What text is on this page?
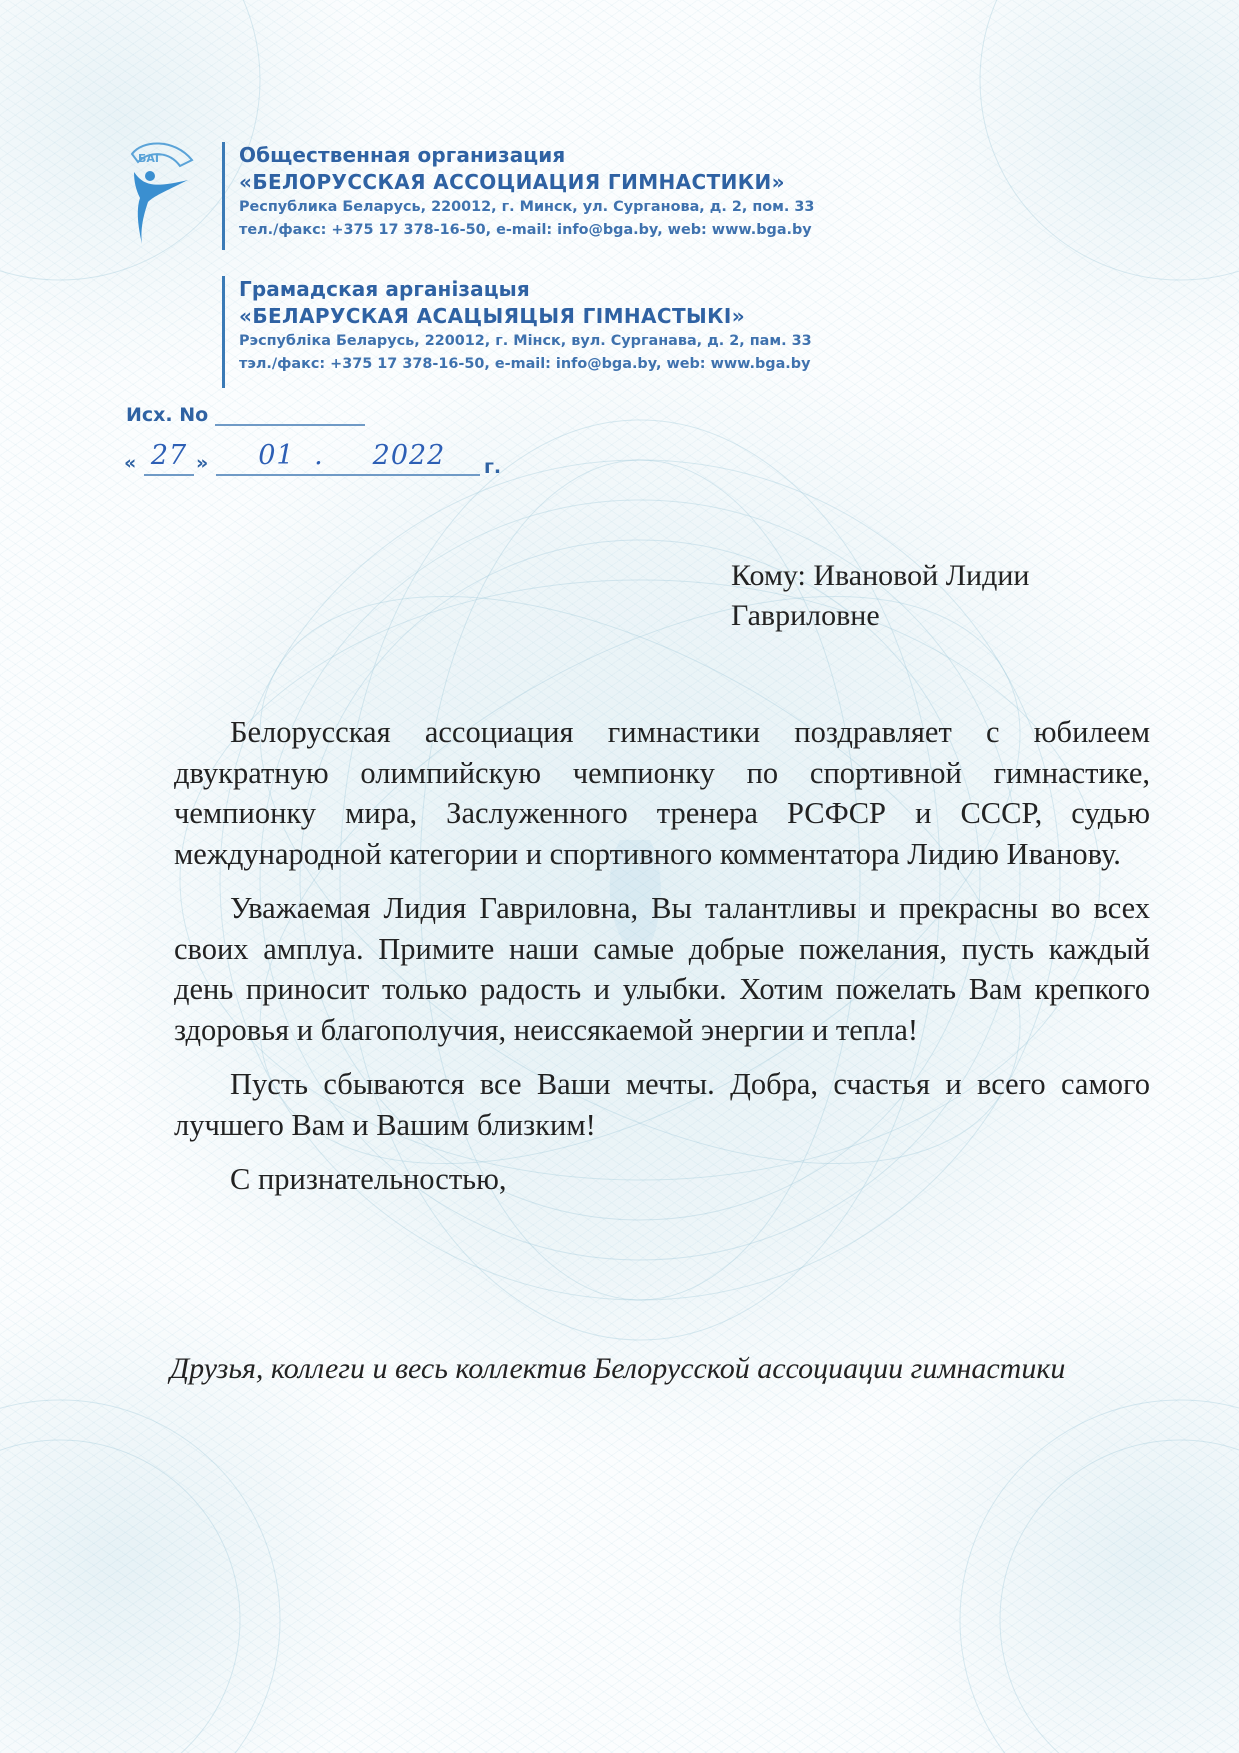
БАГ	Общественная организация
«БЕЛОРУССКАЯ АССОЦИАЦИЯ ГИМНАСТИКИ»
Республика Беларусь, 220012, г. Минск, ул. Сурганова, д. 2, пом. 33
тел./факс: +375 17 378-16-50, e-mail: info@bga.by, web: www.bga.by
Грамадская арганізацыя
«БЕЛАРУСКАЯ АСАЦЫЯЦЫЯ ГІМНАСТЫКІ»
Рэспубліка Беларусь, 220012, г. Мінск, вул. Сурганава, д. 2, пам. 33
тэл./факс: +375 17 378-16-50, e-mail: info@bga.by, web: www.bga.by
Исх. No
« 27 »	01 .	2022	г.
Кому: Ивановой Лидии
Гавриловне

Белорусская ассоциация гимнастики поздравляет с юбилеем двукратную олимпийскую чемпионку по спортивной гимнастике, чемпионку мира, Заслуженного тренера РСФСР и СССР, судью международной категории и спортивного комментатора Лидию Иванову.

Уважаемая Лидия Гавриловна, Вы талантливы и прекрасны во всех своих амплуа. Примите наши самые добрые пожелания, пусть каждый день приносит только радость и улыбки. Хотим пожелать Вам крепкого здоровья и благополучия, неиссякаемой энергии и тепла!

Пусть сбываются все Ваши мечты. Добра, счастья и всего самого лучшего Вам и Вашим близким!

С признательностью,

Друзья, коллеги и весь коллектив Белорусской ассоциации гимнастики
